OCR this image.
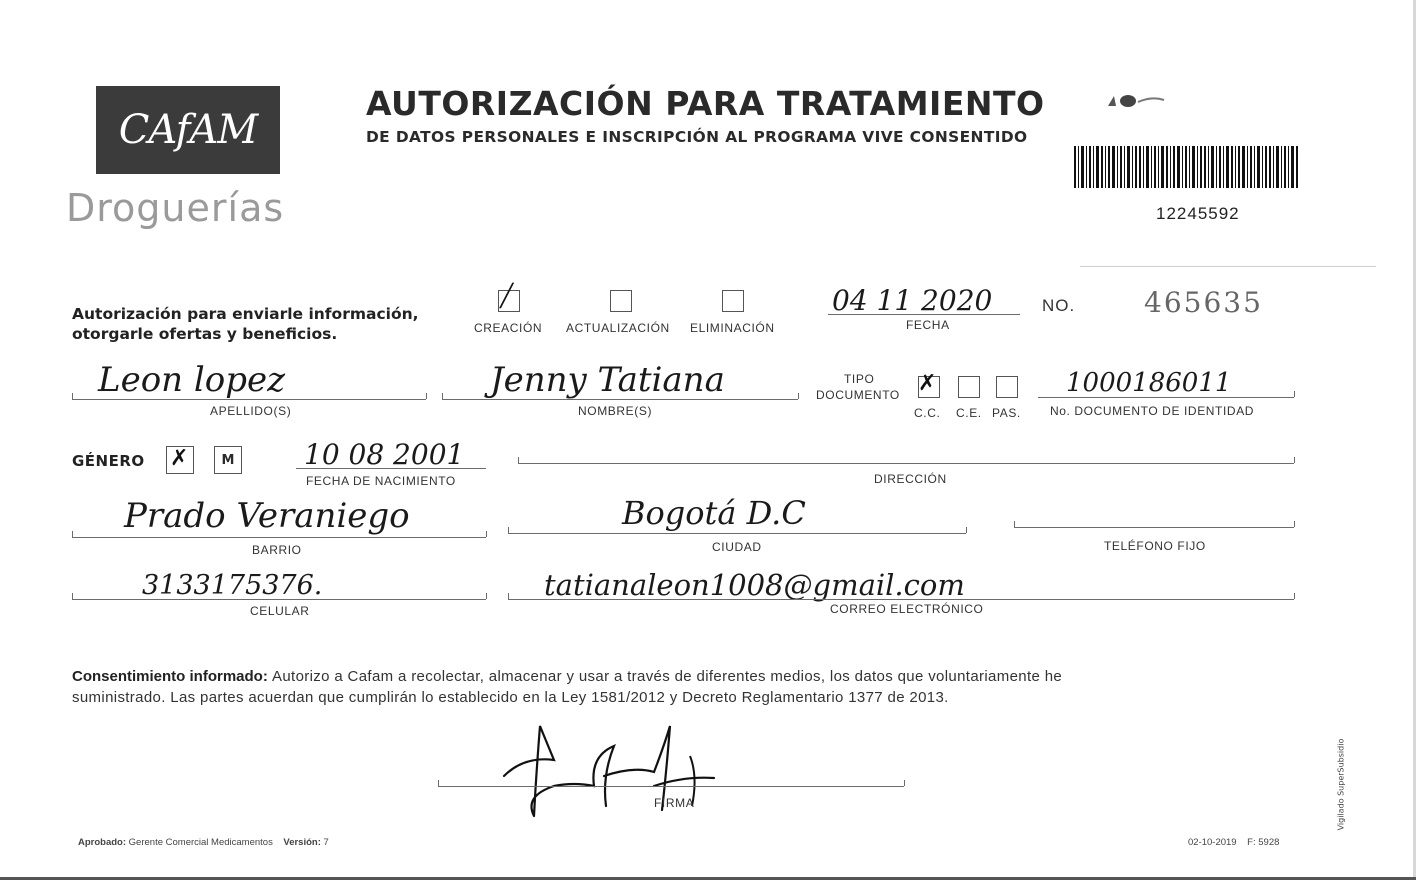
CAfAM
Droguerías
AUTORIZACIÓN PARA TRATAMIENTO
DE DATOS PERSONALES E INSCRIPCIÓN AL PROGRAMA VIVE CONSENTIDO
12245592
Autorización para enviarle información,
otorgarle ofertas y beneficios.
╱
CREACIÓN ACTUALIZACIÓN ELIMINACIÓN
04 11 2020
FECHA
NO. 465635
Leon lopez
APELLIDO(S)
Jenny Tatiana
NOMBRE(S)
TIPO
DOCUMENTO ✗
C.C. C.E. PAS.
1000186011
No. DOCUMENTO DE IDENTIDAD
GÉNERO ✗	M 10 08 2001
FECHA DE NACIMIENTO	DIRECCIÓN
Prado Veraniego
BARRIO
Bogotá D.C
CIUDAD	TELÉFONO FIJO
3133175376.
CELULAR
tatianaleon1008@gmail.com
CORREO ELECTRÓNICO
Consentimiento informado: Autorizo a Cafam a recolectar, almacenar y usar a través de diferentes medios, los datos que voluntariamente he
suministrado. Las partes acuerdan que cumplirán lo establecido en la Ley 1581/2012 y Decreto Reglamentario 1377 de 2013.
FIRMA
Aprobado: Gerente Comercial Medicamentos Versión: 7	02-10-2019 F: 5928
Vigilado SuperSubsidio
